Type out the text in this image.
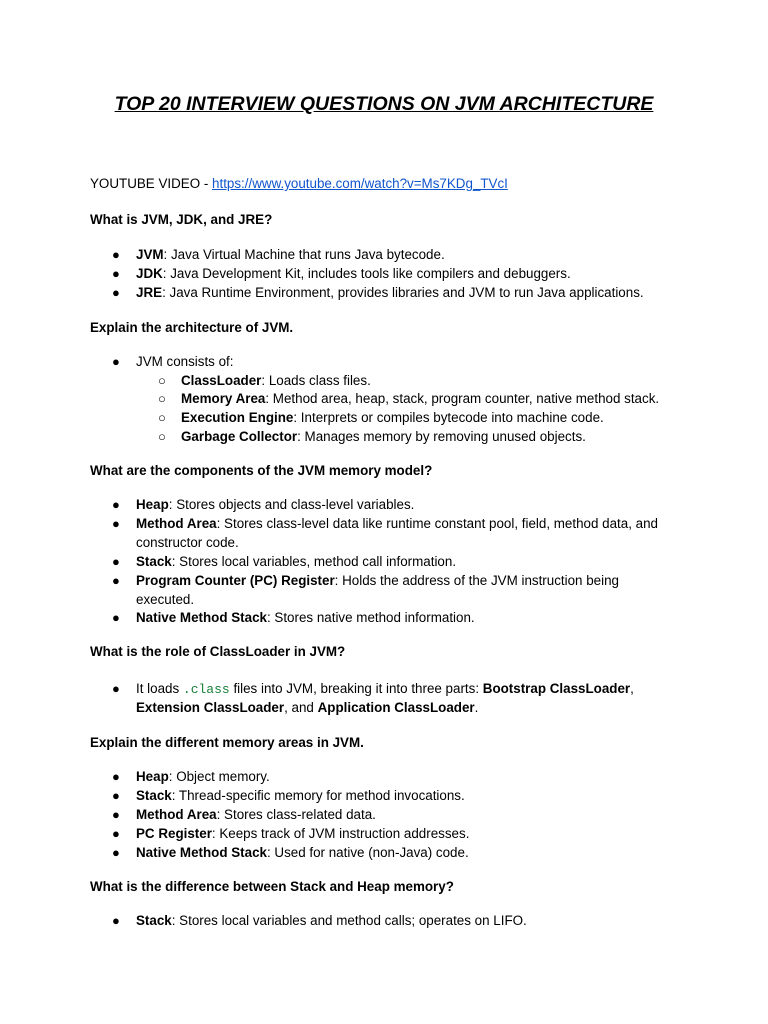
TOP 20 INTERVIEW QUESTIONS ON JVM ARCHITECTURE

YOUTUBE VIDEO - https://www.youtube.com/watch?v=Ms7KDg_TVcI

What is JVM, JDK, and JRE?

● JVM: Java Virtual Machine that runs Java bytecode.
● JDK: Java Development Kit, includes tools like compilers and debuggers.
● JRE: Java Runtime Environment, provides libraries and JVM to run Java applications.

Explain the architecture of JVM.

● JVM consists of:
○ ClassLoader: Loads class files.
○ Memory Area: Method area, heap, stack, program counter, native method stack.
○ Execution Engine: Interprets or compiles bytecode into machine code.
○ Garbage Collector: Manages memory by removing unused objects.

What are the components of the JVM memory model?

● Heap: Stores objects and class-level variables.
● Method Area: Stores class-level data like runtime constant pool, field, method data, and
constructor code.
● Stack: Stores local variables, method call information.
● Program Counter (PC) Register: Holds the address of the JVM instruction being
executed.
● Native Method Stack: Stores native method information.

What is the role of ClassLoader in JVM?

● It loads .class files into JVM, breaking it into three parts: Bootstrap ClassLoader,
Extension ClassLoader, and Application ClassLoader.

Explain the different memory areas in JVM.

● Heap: Object memory.
● Stack: Thread-specific memory for method invocations.
● Method Area: Stores class-related data.
● PC Register: Keeps track of JVM instruction addresses.
● Native Method Stack: Used for native (non-Java) code.

What is the difference between Stack and Heap memory?

● Stack: Stores local variables and method calls; operates on LIFO.
